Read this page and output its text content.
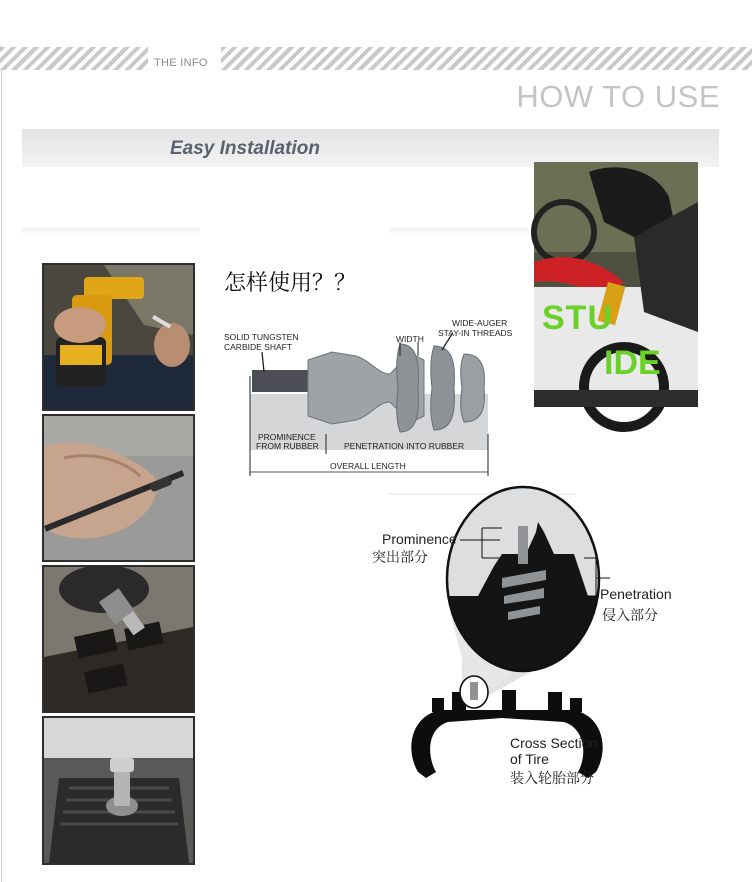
THE INFO
HOW TO USE
Easy Installation
STU
IDE
怎样使用？？
SOLID TUNGSTEN
CARBIDE SHAFT
WIDTH
WIDE-AUGER
STAY-IN THREADS
PROMINENCE
FROM RUBBER	PENETRATION INTO RUBBER
OVERALL LENGTH
Prominence
突出部分
Penetration
侵入部分
Cross Section
of Tire
装入轮胎部分
